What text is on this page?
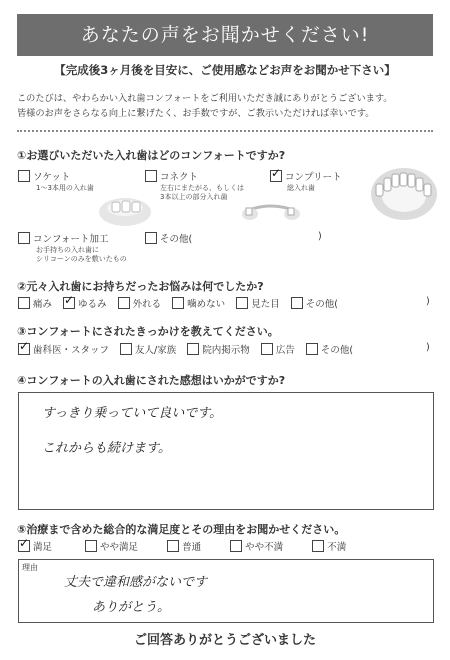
あなたの声をお聞かせください!
【完成後3ヶ月後を目安に、ご使用感などお声をお聞かせ下さい】
このたびは、やわらかい入れ歯コンフォートをご利用いただき誠にありがとうございます。
皆様のお声をさらなる向上に繋げたく、お手数ですが、ご教示いただければ幸いです。
①お選びいただいた入れ歯はどのコンフォートですか?
ソケット
1〜3本用の入れ歯
コネクト
左右にまたがる、もしくは
3本以上の部分入れ歯
✓コンプリート
総入れ歯
コンフォート加工
お手持ちの入れ歯に
シリコーンのみを敷いたもの
その他(	)
②元々入れ歯にお持ちだったお悩みは何でしたか?
痛み ✓	ゆるみ	外れる	噛めない	見た目	その他(	)
③コンフォートにされたきっかけを教えてください。
✓歯科医・スタッフ	友人/家族	院内掲示物	広告	その他(	)
④コンフォートの入れ歯にされた感想はいかがですか?
すっきり乗っていて良いです。
これからも続けます。
⑤治療まで含めた総合的な満足度とその理由をお聞かせください。
✓満足	やや満足	普通	やや不満	不満
理由
丈夫で違和感がないです
ありがとう。
ご回答ありがとうございました
